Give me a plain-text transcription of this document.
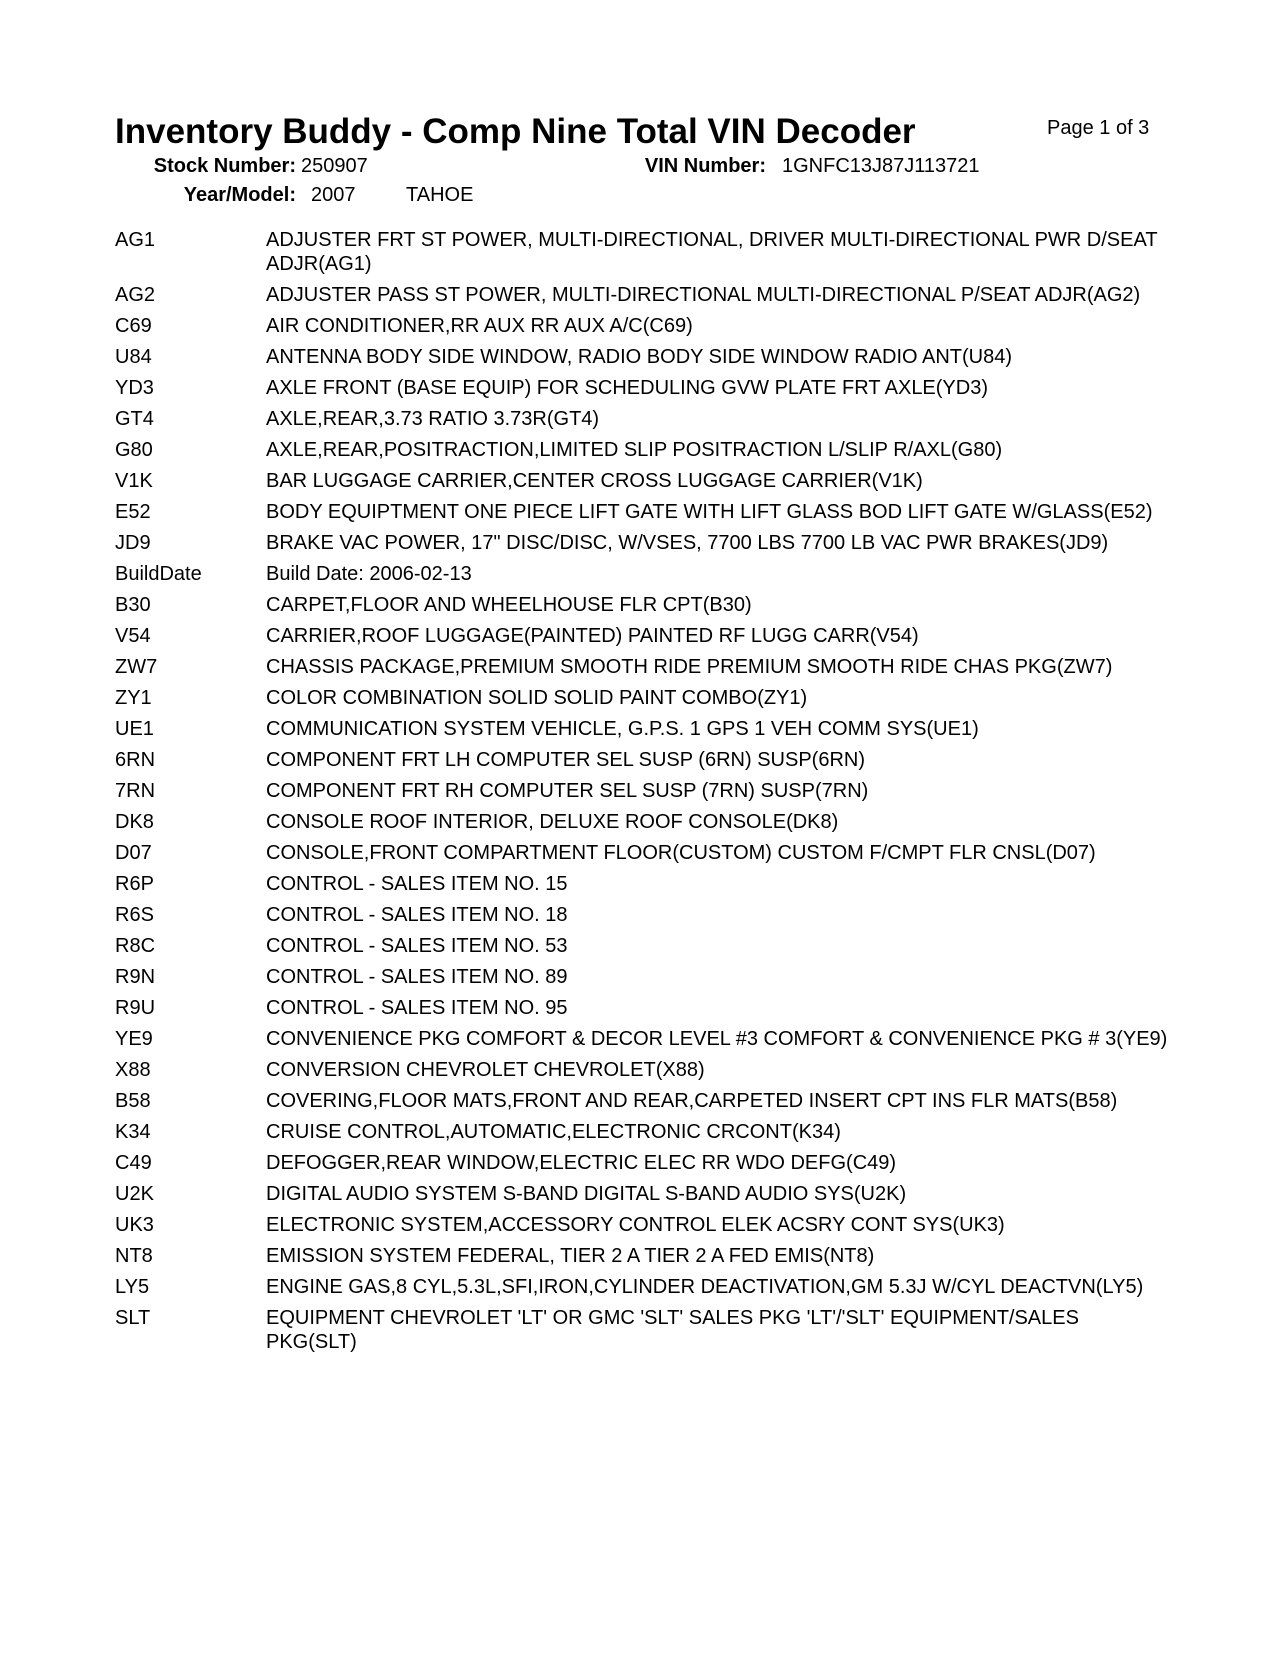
Inventory Buddy - Comp Nine Total VIN Decoder	Page 1 of 3
Stock Number: 250907	VIN Number: 1GNFC13J87J113721
Year/Model: 2007	TAHOE
AG1	ADJUSTER FRT ST POWER, MULTI-DIRECTIONAL, DRIVER MULTI-DIRECTIONAL PWR D/SEAT ADJR(AG1)
AG2	ADJUSTER PASS ST POWER, MULTI-DIRECTIONAL MULTI-DIRECTIONAL P/SEAT ADJR(AG2)
C69	AIR CONDITIONER,RR AUX RR AUX A/C(C69)
U84	ANTENNA BODY SIDE WINDOW, RADIO BODY SIDE WINDOW RADIO ANT(U84)
YD3	AXLE FRONT (BASE EQUIP) FOR SCHEDULING GVW PLATE FRT AXLE(YD3)
GT4	AXLE,REAR,3.73 RATIO 3.73R(GT4)
G80	AXLE,REAR,POSITRACTION,LIMITED SLIP POSITRACTION L/SLIP R/AXL(G80)
V1K	BAR LUGGAGE CARRIER,CENTER CROSS LUGGAGE CARRIER(V1K)
E52	BODY EQUIPTMENT ONE PIECE LIFT GATE WITH LIFT GLASS BOD LIFT GATE W/GLASS(E52)
JD9	BRAKE VAC POWER, 17" DISC/DISC, W/VSES, 7700 LBS 7700 LB VAC PWR BRAKES(JD9)
BuildDate	Build Date: 2006-02-13
B30	CARPET,FLOOR AND WHEELHOUSE FLR CPT(B30)
V54	CARRIER,ROOF LUGGAGE(PAINTED) PAINTED RF LUGG CARR(V54)
ZW7	CHASSIS PACKAGE,PREMIUM SMOOTH RIDE PREMIUM SMOOTH RIDE CHAS PKG(ZW7)
ZY1	COLOR COMBINATION SOLID SOLID PAINT COMBO(ZY1)
UE1	COMMUNICATION SYSTEM VEHICLE, G.P.S. 1 GPS 1 VEH COMM SYS(UE1)
6RN	COMPONENT FRT LH COMPUTER SEL SUSP (6RN) SUSP(6RN)
7RN	COMPONENT FRT RH COMPUTER SEL SUSP (7RN) SUSP(7RN)
DK8	CONSOLE ROOF INTERIOR, DELUXE ROOF CONSOLE(DK8)
D07	CONSOLE,FRONT COMPARTMENT FLOOR(CUSTOM) CUSTOM F/CMPT FLR CNSL(D07)
R6P	CONTROL - SALES ITEM NO. 15
R6S	CONTROL - SALES ITEM NO. 18
R8C	CONTROL - SALES ITEM NO. 53
R9N	CONTROL - SALES ITEM NO. 89
R9U	CONTROL - SALES ITEM NO. 95
YE9	CONVENIENCE PKG COMFORT & DECOR LEVEL #3 COMFORT & CONVENIENCE PKG # 3(YE9)
X88	CONVERSION CHEVROLET CHEVROLET(X88)
B58	COVERING,FLOOR MATS,FRONT AND REAR,CARPETED INSERT CPT INS FLR MATS(B58)
K34	CRUISE CONTROL,AUTOMATIC,ELECTRONIC CRCONT(K34)
C49	DEFOGGER,REAR WINDOW,ELECTRIC ELEC RR WDO DEFG(C49)
U2K	DIGITAL AUDIO SYSTEM S-BAND DIGITAL S-BAND AUDIO SYS(U2K)
UK3	ELECTRONIC SYSTEM,ACCESSORY CONTROL ELEK ACSRY CONT SYS(UK3)
NT8	EMISSION SYSTEM FEDERAL, TIER 2 A TIER 2 A FED EMIS(NT8)
LY5	ENGINE GAS,8 CYL,5.3L,SFI,IRON,CYLINDER DEACTIVATION,GM 5.3J W/CYL DEACTVN(LY5)
SLT	EQUIPMENT CHEVROLET 'LT' OR GMC 'SLT' SALES PKG 'LT'/'SLT' EQUIPMENT/SALES PKG(SLT)
